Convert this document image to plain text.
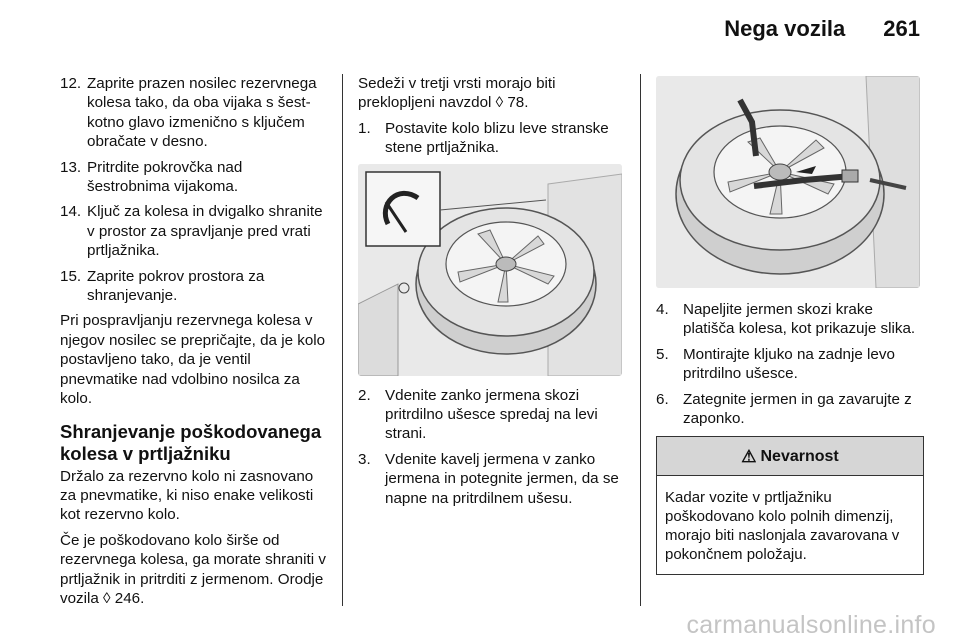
Nega vozila 261
12. Zaprite prazen nosilec rezervnega kolesa tako, da oba vijaka s šest-kotno glavo izmenično s ključem obračate v desno.
13. Pritrdite pokrovčka nad šestrobnima vijakoma.
14. Ključ za kolesa in dvigalko shranite v prostor za spravljanje pred vrati prtljažnika.
15. Zaprite pokrov prostora za shranjevanje.

Pri pospravljanju rezervnega kolesa v njegov nosilec se prepričajte, da je kolo postavljeno tako, da je ventil pnevmatike nad vdolbino nosilca za kolo.

Shranjevanje poškodovanega kolesa v prtljažniku

Držalo za rezervno kolo ni zasnovano za pnevmatike, ki niso enake velikosti kot rezervno kolo.

Če je poškodovano kolo širše od rezervnega kolesa, ga morate shraniti v prtljažnik in pritrditi z jermenom. Orodje vozila ◊ 246.

Sedeži v tretji vrsti morajo biti preklopljeni navzdol ◊ 78.

1. Postavite kolo blizu leve stranske stene prtljažnika.
2. Vdenite zanko jermena skozi pritrdilno ušesce spredaj na levi strani.
3. Vdenite kavelj jermena v zanko jermena in potegnite jermen, da se napne na pritrdilnem ušesu.
4. Napeljite jermen skozi krake platišča kolesa, kot prikazuje slika.
5. Montirajte kljuko na zadnje levo pritrdilno ušesce.
6. Zategnite jermen in ga zavarujte z zaponko.
⚠ Nevarnost
Kadar vozite v prtljažniku poškodovano kolo polnih dimenzij, morajo biti naslonjala zavarovana v pokončnem položaju.
carmanualsonline.info
